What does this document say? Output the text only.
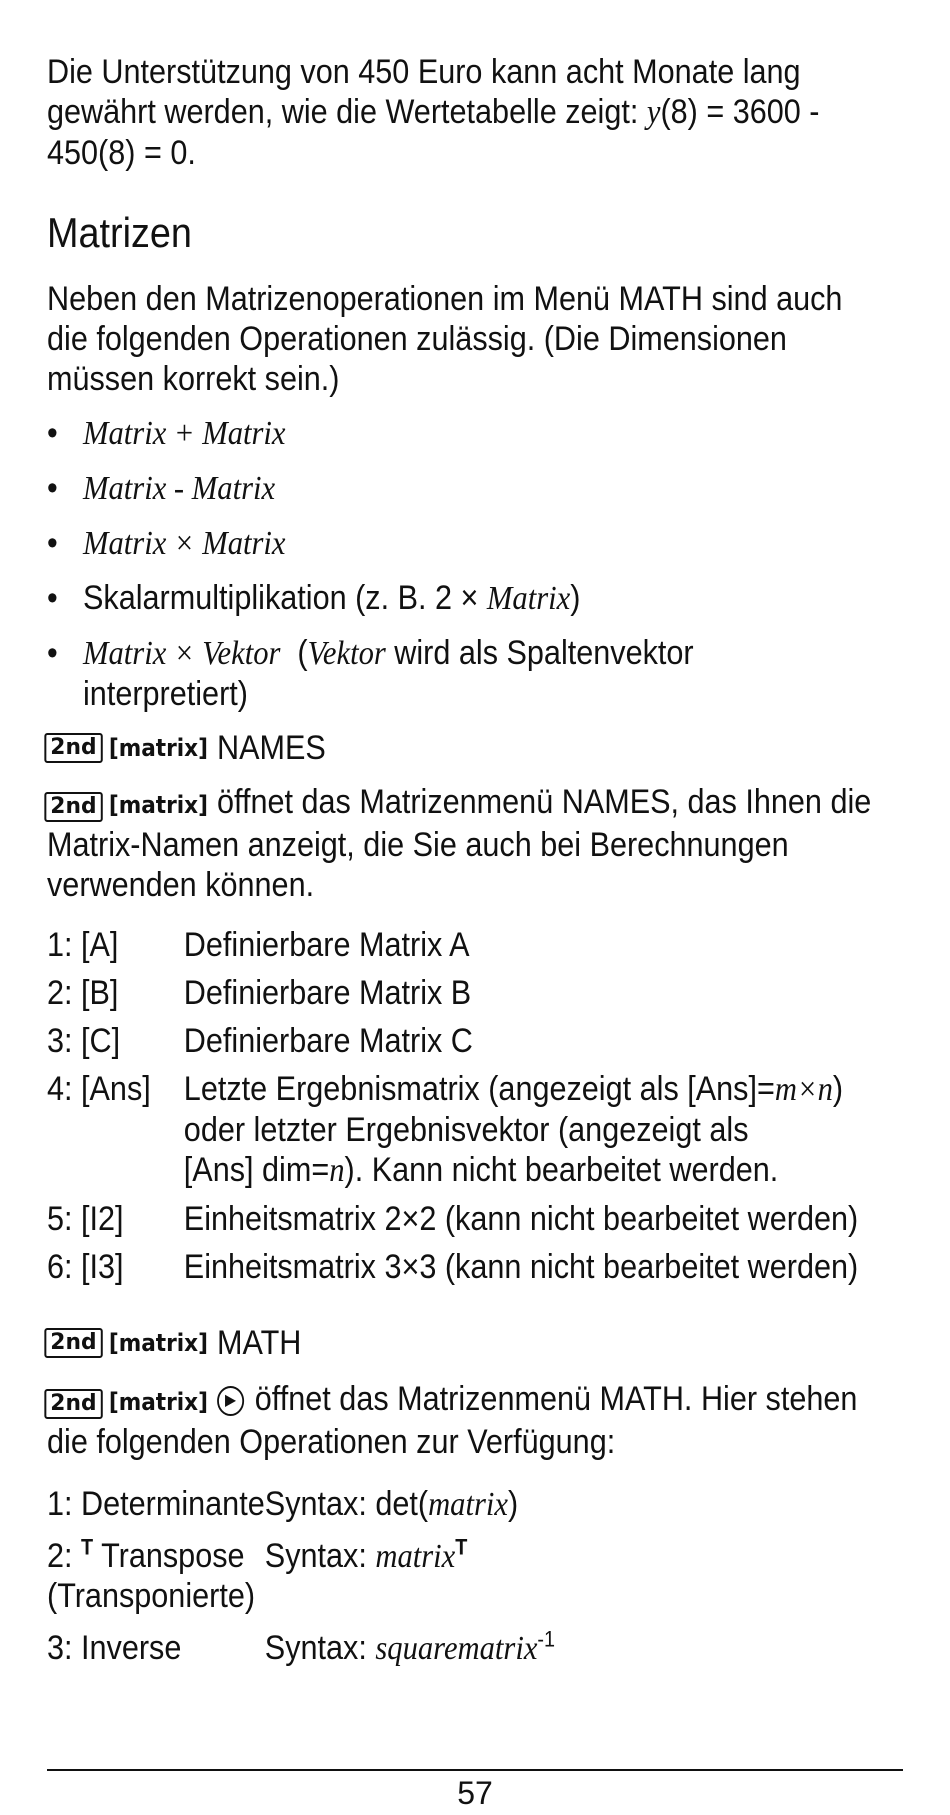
Die Unterstützung von 450 Euro kann acht Monate lang
gewährt werden, wie die Wertetabelle zeigt: y(8) = 3600 -
450(8) = 0.

Matrizen

Neben den Matrizenoperationen im Menü MATH sind auch
die folgenden Operationen zulässig. (Die Dimensionen
müssen korrekt sein.)

• Matrix + Matrix
• Matrix - Matrix
• Matrix × Matrix
• Skalarmultiplikation (z. B. 2 × Matrix)
• Matrix × Vektor  (Vektor wird als Spaltenvektor
interpretiert)
2nd [matrix] NAMES

2nd [matrix] öffnet das Matrizenmenü NAMES, das Ihnen die
Matrix-Namen anzeigt, die Sie auch bei Berechnungen
verwenden können.

1: [A]	Definierbare Matrix A
2: [B]	Definierbare Matrix B
3: [C]	Definierbare Matrix C
4: [Ans]	Letzte Ergebnismatrix (angezeigt als [Ans]=m×n)
oder letzter Ergebnisvektor (angezeigt als
[Ans] dim=n). Kann nicht bearbeitet werden.
5: [I2]	Einheitsmatrix 2×2 (kann nicht bearbeitet werden)
6: [I3]	Einheitsmatrix 3×3 (kann nicht bearbeitet werden)
2nd [matrix] MATH

2nd [matrix] ▶ öffnet das Matrizenmenü MATH. Hier stehen
die folgenden Operationen zur Verfügung:

1: Determinante	Syntax: det(matrix)
2: $^T$ Transpose
(Transponierte)	Syntax: matrix$^T$
3: Inverse	Syntax: squarematrix$^{-1}$
57
